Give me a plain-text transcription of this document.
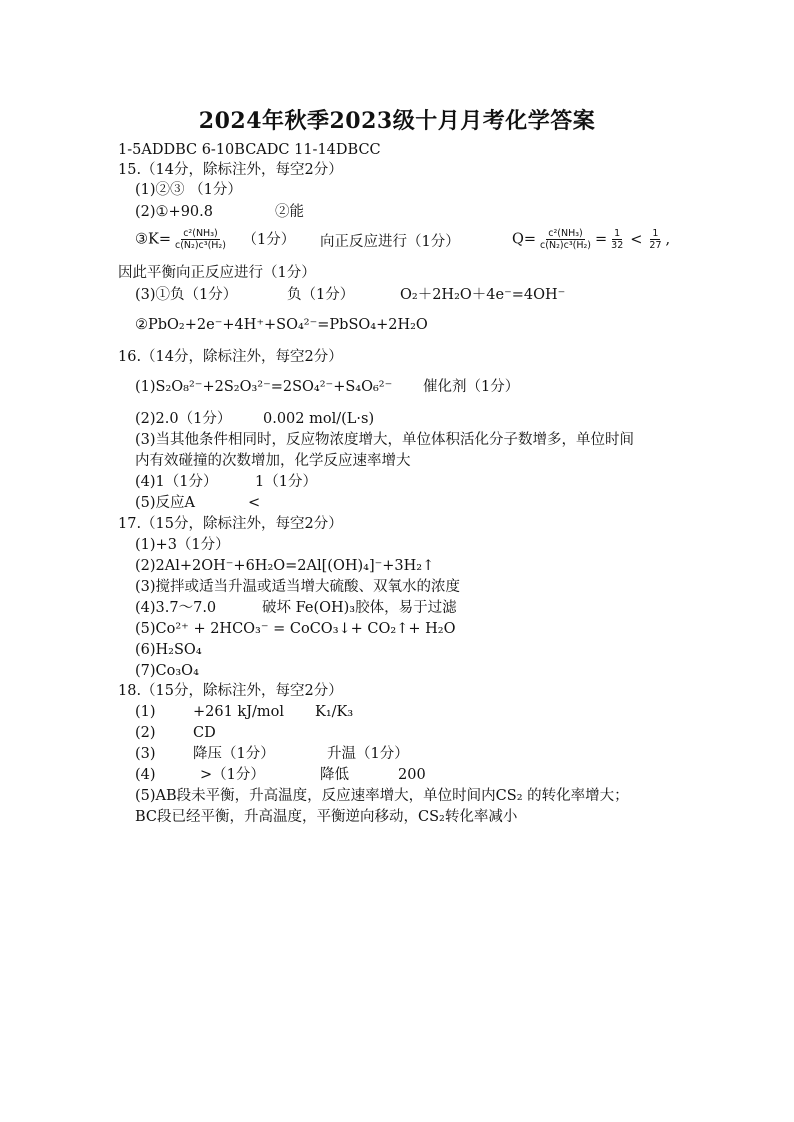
2024年秋季2023级十月月考化学答案
1-5ADDBC 6-10BCADC 11-14DBCC
15.（14分，除标注外，每空2分）
(1)②③ （1分）
(2)①+90.8	②能
③K= $\frac{\text{c²(NH₃)}}{\text{c(N₂)c³(H₂)}} (1$分） 向正反应进行（1分）	$Q= \frac{\text{c²(NH₃)}}{\text{c(N₂)c³(H₂)}} = \frac{1}{32} < \frac{1}{27}$ ,
因此平衡向正反应进行（1分）
(3)①负（1分）	负（1分）	O₂＋2H₂O＋4e⁻=4OH⁻
②PbO₂+2e⁻+4H⁺+SO₄²⁻=PbSO₄+2H₂O
16.（14分，除标注外，每空2分）
(1)S₂O₈²⁻+2S₂O₃²⁻=2SO₄²⁻+S₄O₆²⁻ 催化剂（1分）
(2)2.0（1分） 0.002 mol/(L·s)
(3)当其他条件相同时，反应物浓度增大，单位体积活化分子数增多，单位时间
内有效碰撞的次数增加，化学反应速率增大
(4)1（1分）	1（1分）
(5)反应A	<
17.（15分，除标注外，每空2分）
(1)+3（1分）
(2)2Al+2OH⁻+6H₂O=2Al[(OH)₄]⁻+3H₂↑
(3)搅拌或适当升温或适当增大硫酸、双氧水的浓度
(4)3.7～7.0	破坏 Fe(OH)₃胶体，易于过滤
(5)Co²⁺ + 2HCO₃⁻ = CoCO₃↓+ CO₂↑+ H₂O
(6)H₂SO₄
(7)Co₃O₄
18.（15分，除标注外，每空2分）
(1)	+261 kJ/mol K₁/K₃
(2)	CD
(3)	降压（1分）	升温（1分）
(4)	>（1分）	降低	200
(5)AB段未平衡，升高温度，反应速率增大，单位时间内CS₂ 的转化率增大；
BC段已经平衡，升高温度，平衡逆向移动，CS₂转化率减小
